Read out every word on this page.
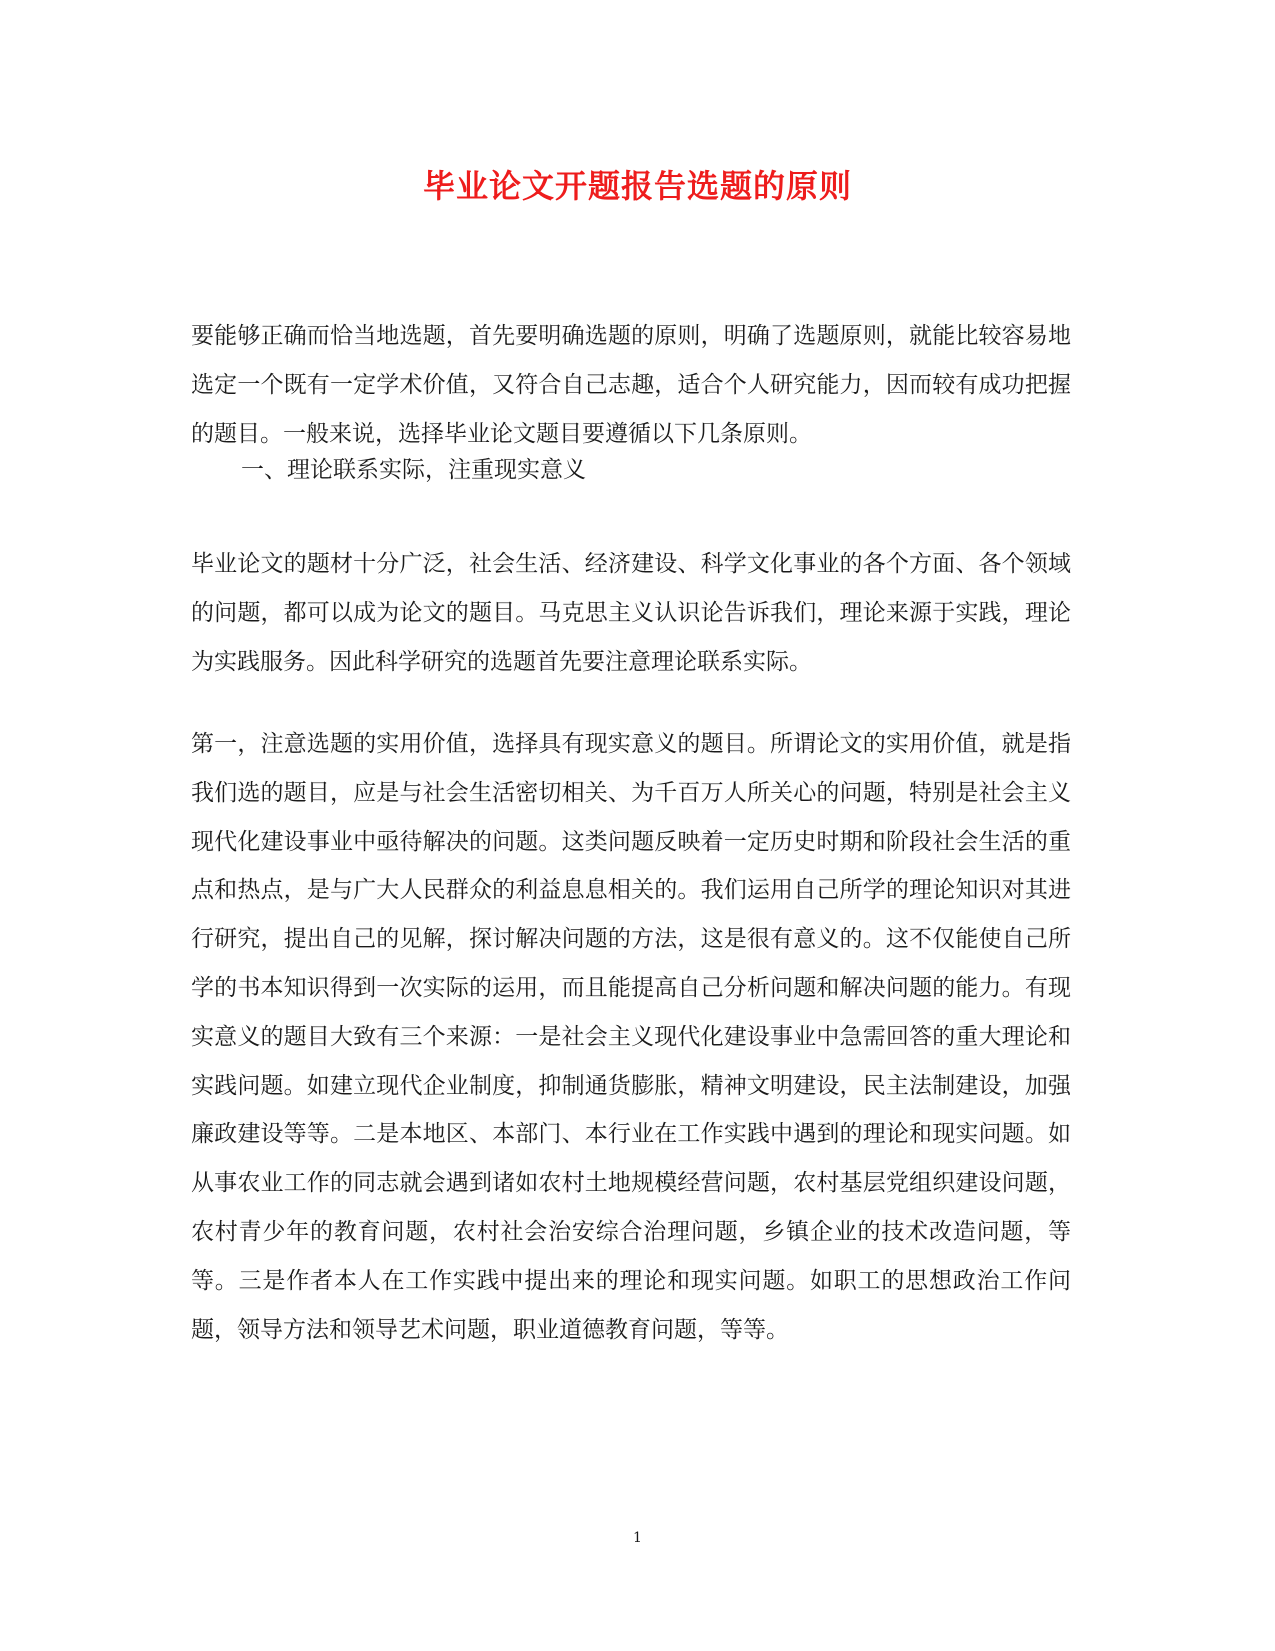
毕业论文开题报告选题的原则

要能够正确而恰当地选题，首先要明确选题的原则，明确了选题原则，就能比较容易地选定一个既有一定学术价值，又符合自己志趣，适合个人研究能力，因而较有成功把握的题目。一般来说，选择毕业论文题目要遵循以下几条原则。

一、理论联系实际，注重现实意义

毕业论文的题材十分广泛，社会生活、经济建设、科学文化事业的各个方面、各个领域的问题，都可以成为论文的题目。马克思主义认识论告诉我们，理论来源于实践，理论为实践服务。因此科学研究的选题首先要注意理论联系实际。

第一，注意选题的实用价值，选择具有现实意义的题目。所谓论文的实用价值，就是指我们选的题目，应是与社会生活密切相关、为千百万人所关心的问题，特别是社会主义现代化建设事业中亟待解决的问题。这类问题反映着一定历史时期和阶段社会生活的重点和热点，是与广大人民群众的利益息息相关的。我们运用自己所学的理论知识对其进行研究，提出自己的见解，探讨解决问题的方法，这是很有意义的。这不仅能使自己所学的书本知识得到一次实际的运用，而且能提高自己分析问题和解决问题的能力。有现实意义的题目大致有三个来源：一是社会主义现代化建设事业中急需回答的重大理论和实践问题。如建立现代企业制度，抑制通货膨胀，精神文明建设，民主法制建设，加强廉政建设等等。二是本地区、本部门、本行业在工作实践中遇到的理论和现实问题。如从事农业工作的同志就会遇到诸如农村土地规模经营问题，农村基层党组织建设问题，农村青少年的教育问题，农村社会治安综合治理问题，乡镇企业的技术改造问题，等等。三是作者本人在工作实践中提出来的理论和现实问题。如职工的思想政治工作问题，领导方法和领导艺术问题，职业道德教育问题，等等。

1
